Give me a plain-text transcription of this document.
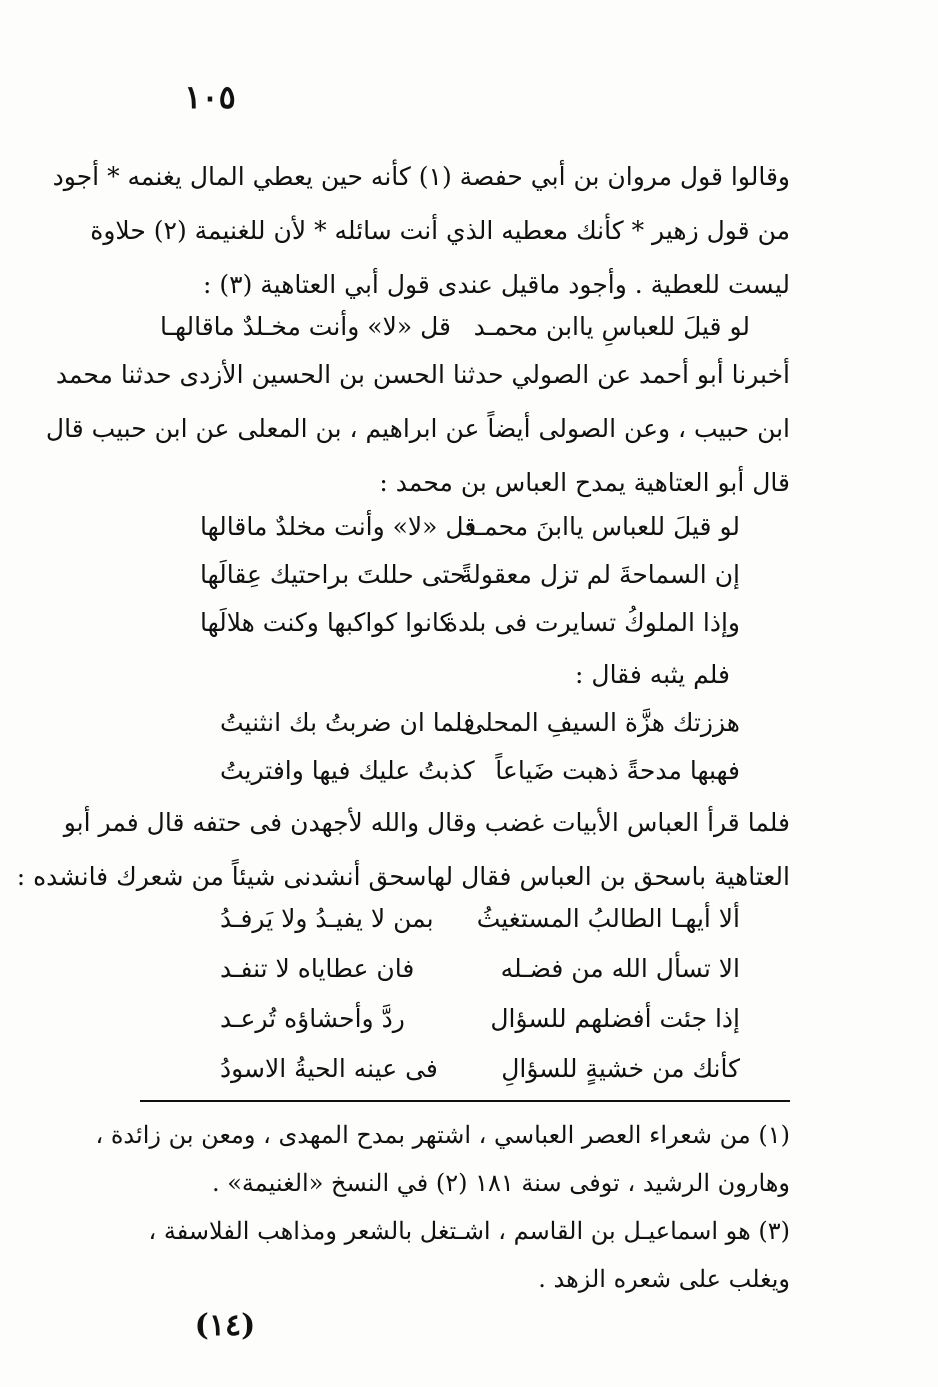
١٠٥
وقالوا قول مروان بن أبي حفصة (١) كأنه حين يعطي المال يغنمه * أجود
من قول زهير * كأنك معطيه الذي أنت سائله * لأن للغنيمة (٢) حلاوة
ليست للعطية . وأجود ماقيل عندى قول أبي العتاهية (٣) :
لو قيلَ للعباسِ ياابن محمـد
قل «لا» وأنت مخـلدٌ ماقالهـا
أخبرنا أبو أحمد عن الصولي حدثنا الحسن بن الحسين الأزدى حدثنا محمد
ابن حبيب ، وعن الصولى أيضاً عن ابراهيم ، بن المعلى عن ابن حبيب قال
قال أبو العتاهية يمدح العباس بن محمد :
لو قيلَ للعباس ياابنَ محمـد
قل «لا» وأنت مخلدٌ ماقالها
إن السماحةَ لم تزل معقولةً
حتى حللتَ براحتيك عِقالَها
وإذا الملوكُ تسايرت فى بلدة
كانوا كواكبها وكنت هلالَها
فلم يثبه فقال :
هززتك هزَّة السيفِ المحلى
فلما ان ضربتُ بك انثنيتُ
فهبها مدحةً ذهبت ضَياعاً
كذبتُ عليك فيها وافتريتُ
فلما قرأ العباس الأبيات غضب وقال والله لأجهدن فى حتفه قال فمر أبو
العتاهية باسحق بن العباس فقال لهاسحق أنشدنى شيئاً من شعرك فانشده :
ألا أيهـا الطالبُ المستغيثُ
بمن لا يفيـدُ ولا يَرفـدُ
الا تسأل الله من فضـله
فان عطاياه لا تنفـد
إذا جئت أفضلهم للسؤال
ردَّ وأحشاؤه تُرعـد
كأنك من خشيةٍ للسؤالِ
فى عينه الحيةُ الاسودُ
(١) من شعراء العصر العباسي ، اشتهر بمدح المهدى ، ومعن بن زائدة ،
وهارون الرشيد ، توفى سنة ١٨١ (٢) في النسخ «الغنيمة» .
(٣) هو اسماعيـل بن القاسم ، اشـتغل بالشعر ومذاهب الفلاسفة ،
ويغلب على شعره الزهد .
(١٤)
